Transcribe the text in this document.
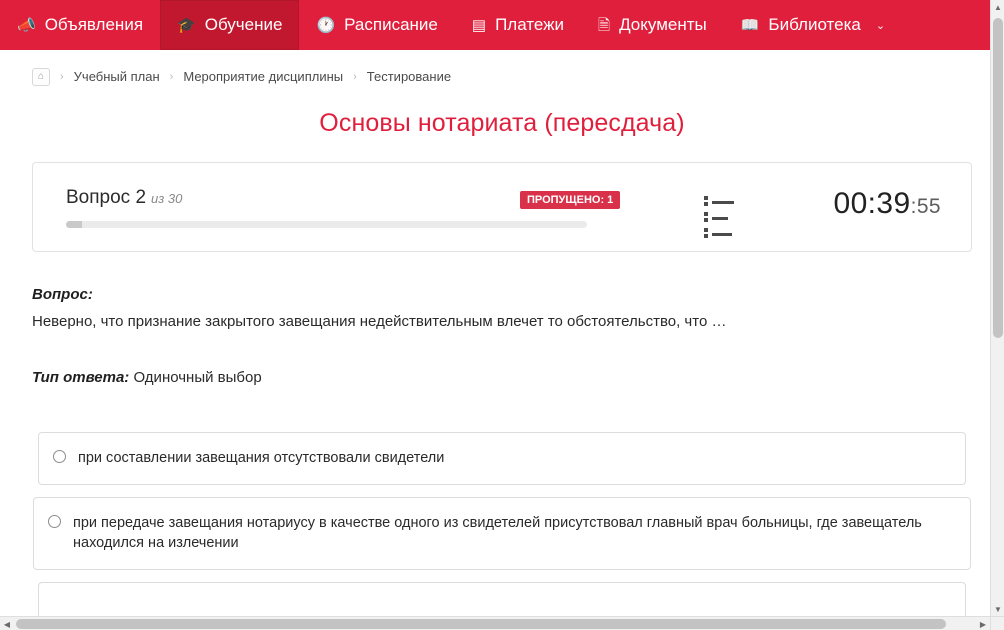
📣 Объявления 🎓 Обучение 🕐 Расписание ▤ Платежи 🗎 Документы 📖 Библиотека ⌄
⌂	› Учебный план › Мероприятие дисциплины › Тестирование
Основы нотариата (пересдача)
Вопрос 2 из 30	ПРОПУЩЕНО: 1	00:39:55
Вопрос:
Неверно, что признание закрытого завещания недействительным влечет то обстоятельство, что …
Тип ответа: Одиночный выбор
при составлении завещания отсутствовали свидетели
при передаче завещания нотариусу в качестве одного из свидетелей присутствовал главный врач больницы, где завещатель находился на излечении
▲
▼
◀	▶
